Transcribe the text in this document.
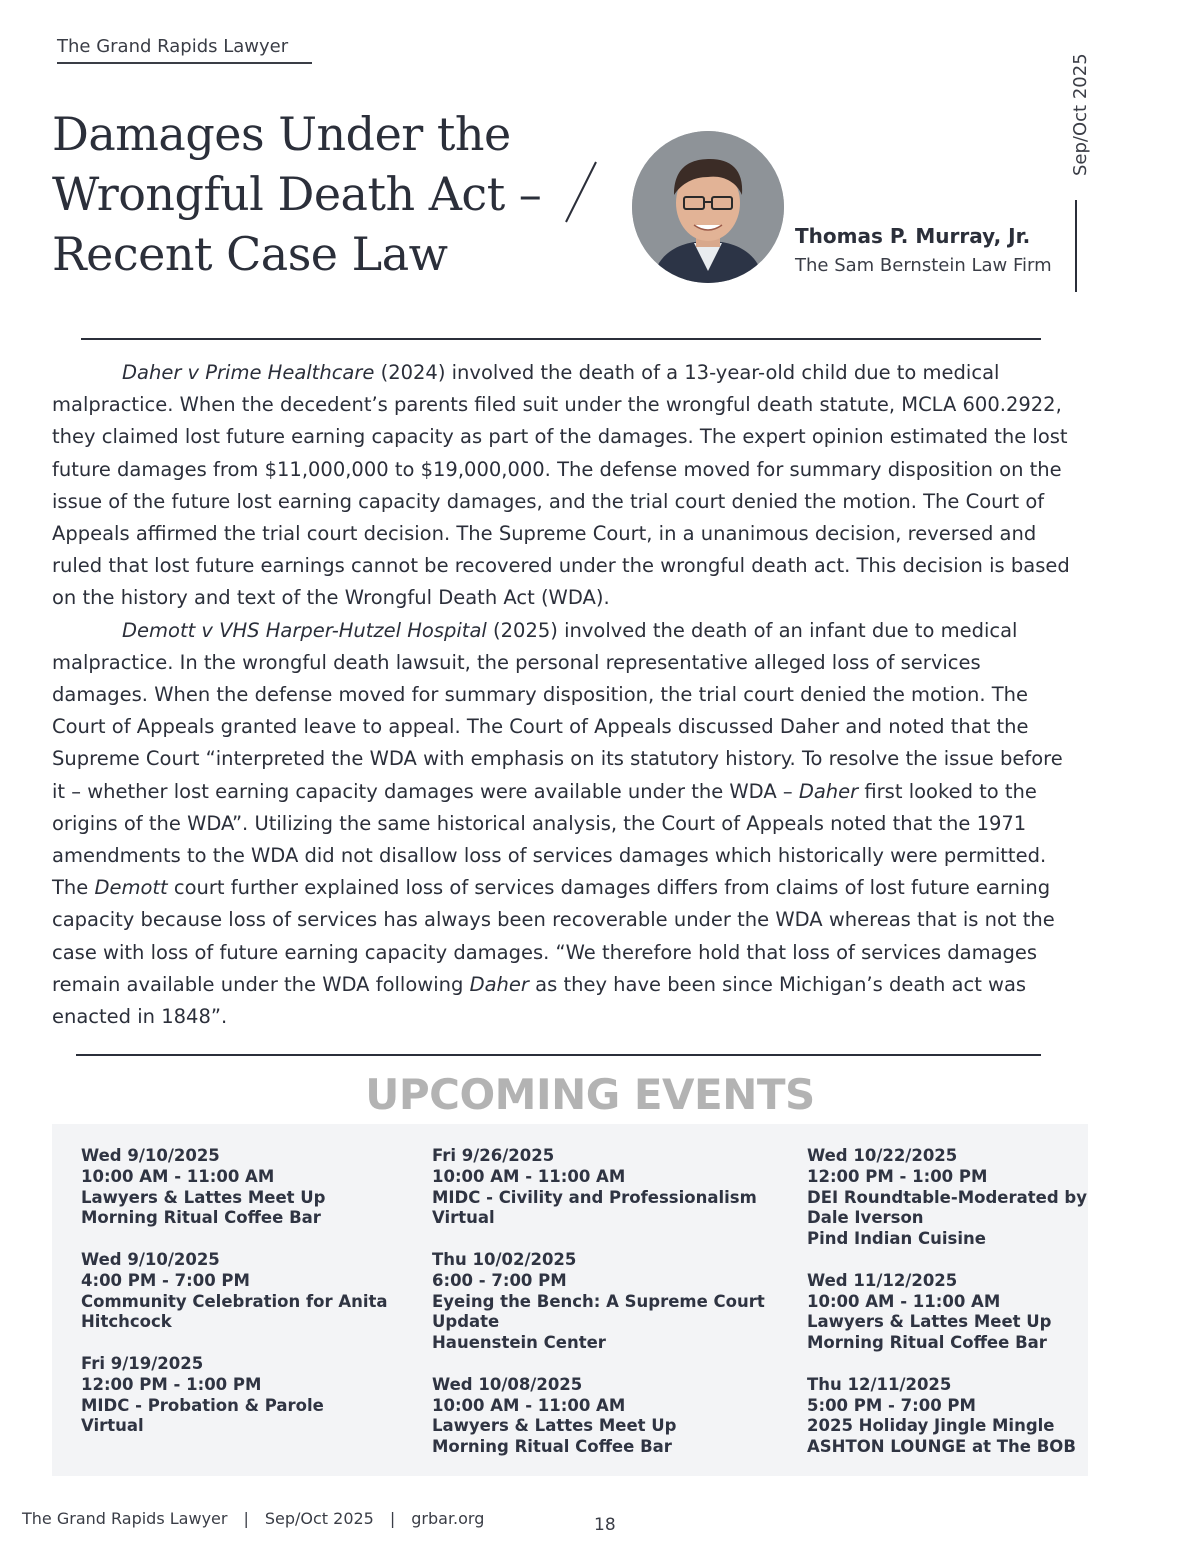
The Grand Rapids Lawyer
Damages Under the
Wrongful Death Act –
Recent Case Law	Thomas P. Murray, Jr.
The Sam Bernstein Law Firm
Sep/Oct 2025

Daher v Prime Healthcare (2024) involved the death of a 13-year-old child due to medical malpractice. When the decedent’s parents filed suit under the wrongful death statute, MCLA 600.2922, they claimed lost future earning capacity as part of the damages. The expert opinion estimated the lost future damages from $11,000,000 to $19,000,000. The defense moved for summary disposition on the issue of the future lost earning capacity damages, and the trial court denied the motion. The Court of Appeals affirmed the trial court decision. The Supreme Court, in a unanimous decision, reversed and ruled that lost future earnings cannot be recovered under the wrongful death act. This decision is based on the history and text of the Wrongful Death Act (WDA).

Demott v VHS Harper-Hutzel Hospital (2025) involved the death of an infant due to medical malpractice. In the wrongful death lawsuit, the personal representative alleged loss of services damages. When the defense moved for summary disposition, the trial court denied the motion. The Court of Appeals granted leave to appeal. The Court of Appeals discussed Daher and noted that the Supreme Court “interpreted the WDA with emphasis on its statutory history. To resolve the issue before it – whether lost earning capacity damages were available under the WDA – Daher first looked to the origins of the WDA”. Utilizing the same historical analysis, the Court of Appeals noted that the 1971 amendments to the WDA did not disallow loss of services damages which historically were permitted. The Demott court further explained loss of services damages differs from claims of lost future earning capacity because loss of services has always been recoverable under the WDA whereas that is not the case with loss of future earning capacity damages. “We therefore hold that loss of services damages remain available under the WDA following Daher as they have been since Michigan’s death act was enacted in 1848”.

UPCOMING EVENTS
Wed 9/10/2025
10:00 AM - 11:00 AM
Lawyers & Lattes Meet Up
Morning Ritual Coffee Bar
Wed 9/10/2025
4:00 PM - 7:00 PM
Community Celebration for Anita
Hitchcock
Fri 9/19/2025
12:00 PM - 1:00 PM
MIDC - Probation & Parole
Virtual
Fri 9/26/2025
10:00 AM - 11:00 AM
MIDC - Civility and Professionalism
Virtual
Thu 10/02/2025
6:00 - 7:00 PM
Eyeing the Bench: A Supreme Court
Update
Hauenstein Center
Wed 10/08/2025
10:00 AM - 11:00 AM
Lawyers & Lattes Meet Up
Morning Ritual Coffee Bar
Wed 10/22/2025
12:00 PM - 1:00 PM
DEI Roundtable-Moderated by
Dale Iverson
Pind Indian Cuisine
Wed 11/12/2025
10:00 AM - 11:00 AM
Lawyers & Lattes Meet Up
Morning Ritual Coffee Bar
Thu 12/11/2025
5:00 PM - 7:00 PM
2025 Holiday Jingle Mingle
ASHTON LOUNGE at The BOB
The Grand Rapids Lawyer | Sep/Oct 2025 | grbar.org	18
